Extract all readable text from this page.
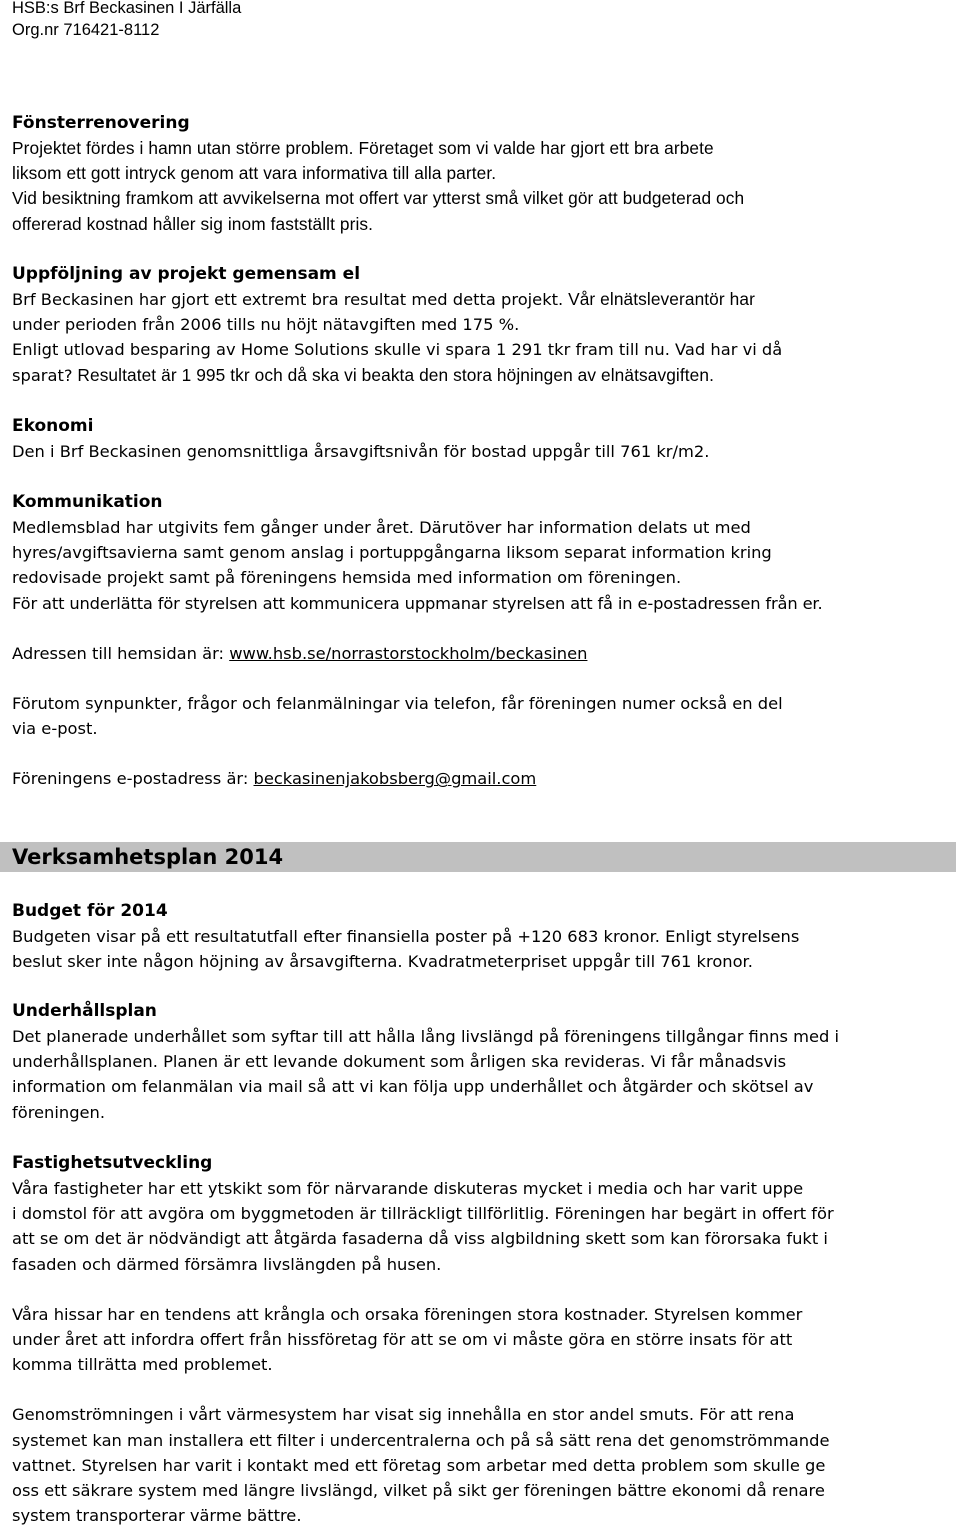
HSB:s Brf Beckasinen I Järfälla
Org.nr 716421-8112
Fönsterrenovering
Projektet fördes i hamn utan större problem. Företaget som vi valde har gjort ett bra arbete
liksom ett gott intryck genom att vara informativa till alla parter.
Vid besiktning framkom att avvikelserna mot offert var ytterst små vilket gör att budgeterad och
offererad kostnad håller sig inom fastställt pris.
Uppföljning av projekt gemensam el
Brf Beckasinen har gjort ett extremt bra resultat med detta projekt. Vår elnätsleverantör har
under perioden från 2006 tills nu höjt nätavgiften med 175 %.
Enligt utlovad besparing av Home Solutions skulle vi spara 1 291 tkr fram till nu. Vad har vi då
sparat? Resultatet är 1 995 tkr och då ska vi beakta den stora höjningen av elnätsavgiften.
Ekonomi
Den i Brf Beckasinen genomsnittliga årsavgiftsnivån för bostad uppgår till 761 kr/m2.
Kommunikation
Medlemsblad har utgivits fem gånger under året. Därutöver har information delats ut med
hyres/avgiftsavierna samt genom anslag i portuppgångarna liksom separat information kring
redovisade projekt samt på föreningens hemsida med information om föreningen.
För att underlätta för styrelsen att kommunicera uppmanar styrelsen att få in e-postadressen från er.
Adressen till hemsidan är: www.hsb.se/norrastorstockholm/beckasinen
Förutom synpunkter, frågor och felanmälningar via telefon, får föreningen numer också en del
via e-post.
Föreningens e-postadress är: beckasinenjakobsberg@gmail.com
Verksamhetsplan 2014
Budget för 2014
Budgeten visar på ett resultatutfall efter finansiella poster på +120 683 kronor. Enligt styrelsens
beslut sker inte någon höjning av årsavgifterna. Kvadratmeterpriset uppgår till 761 kronor.
Underhållsplan
Det planerade underhållet som syftar till att hålla lång livslängd på föreningens tillgångar finns med i
underhållsplanen. Planen är ett levande dokument som årligen ska revideras. Vi får månadsvis
information om felanmälan via mail så att vi kan följa upp underhållet och åtgärder och skötsel av
föreningen.
Fastighetsutveckling
Våra fastigheter har ett ytskikt som för närvarande diskuteras mycket i media och har varit uppe
i domstol för att avgöra om byggmetoden är tillräckligt tillförlitlig. Föreningen har begärt in offert för
att se om det är nödvändigt att åtgärda fasaderna då viss algbildning skett som kan förorsaka fukt i
fasaden och därmed försämra livslängden på husen.
Våra hissar har en tendens att krångla och orsaka föreningen stora kostnader. Styrelsen kommer
under året att infordra offert från hissföretag för att se om vi måste göra en större insats för att
komma tillrätta med problemet.
Genomströmningen i vårt värmesystem har visat sig innehålla en stor andel smuts. För att rena
systemet kan man installera ett filter i undercentralerna och på så sätt rena det genomströmmande
vattnet. Styrelsen har varit i kontakt med ett företag som arbetar med detta problem som skulle ge
oss ett säkrare system med längre livslängd, vilket på sikt ger föreningen bättre ekonomi då renare
system transporterar värme bättre.
